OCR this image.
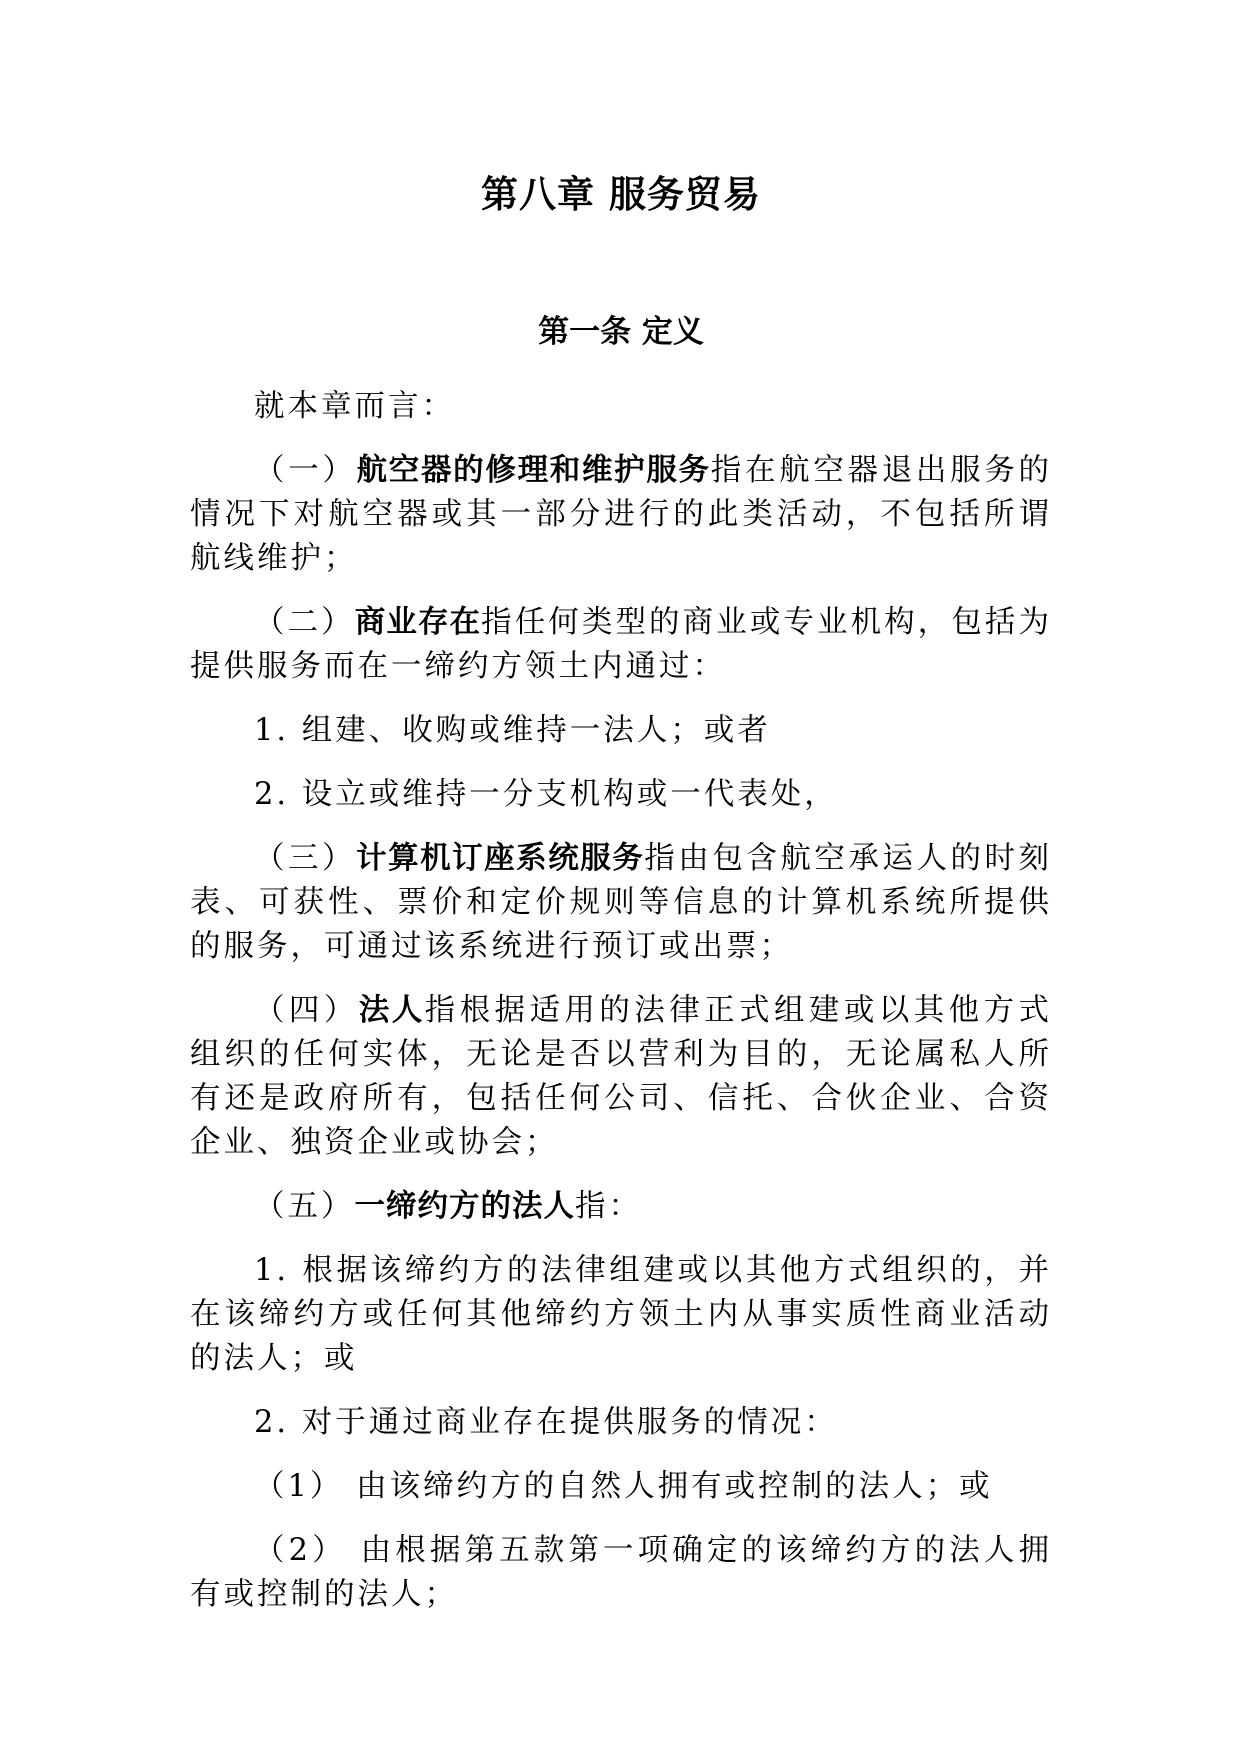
第八章 服务贸易
第一条 定义

就本章而言：

（一）航空器的修理和维护服务指在航空器退出服务的情况下对航空器或其一部分进行的此类活动，不包括所谓航线维护；

（二）商业存在指任何类型的商业或专业机构，包括为提供服务而在一缔约方领土内通过：

1. 组建、收购或维持一法人；或者

2. 设立或维持一分支机构或一代表处，

（三）计算机订座系统服务指由包含航空承运人的时刻表、可获性、票价和定价规则等信息的计算机系统所提供的服务，可通过该系统进行预订或出票；

（四）法人指根据适用的法律正式组建或以其他方式组织的任何实体，无论是否以营利为目的，无论属私人所有还是政府所有，包括任何公司、信托、合伙企业、合资企业、独资企业或协会；

（五）一缔约方的法人指：

1. 根据该缔约方的法律组建或以其他方式组织的，并在该缔约方或任何其他缔约方领土内从事实质性商业活动的法人；或

2. 对于通过商业存在提供服务的情况：

（1） 由该缔约方的自然人拥有或控制的法人；或

（2） 由根据第五款第一项确定的该缔约方的法人拥有或控制的法人；
